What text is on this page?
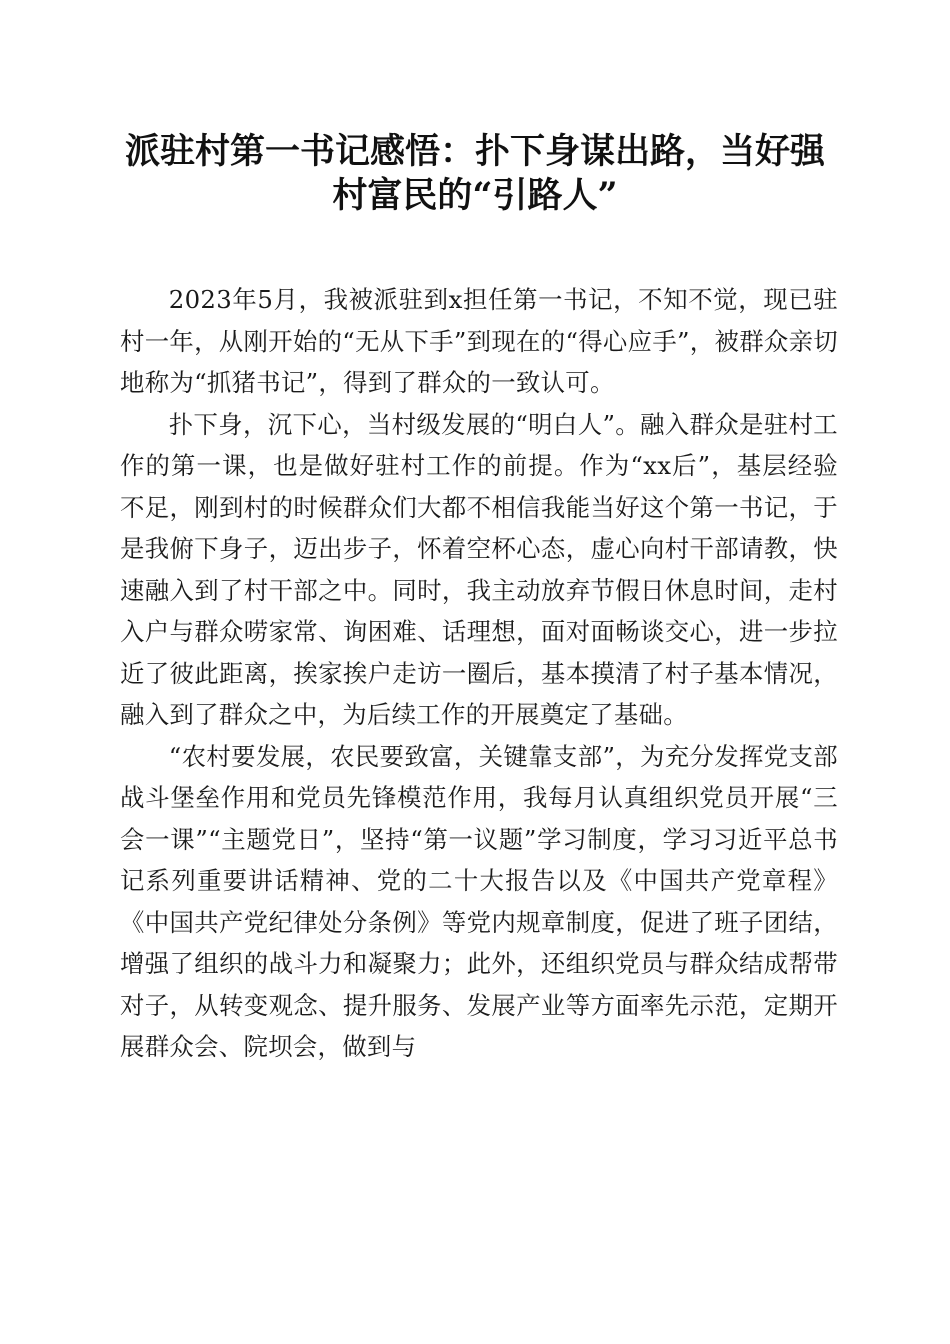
派驻村第一书记感悟：扑下身谋出路，当好强
村富民的“引路人”

2023年5月，我被派驻到x担任第一书记，不知不觉，现已驻村一年，从刚开始的“无从下手”到现在的“得心应手”，被群众亲切地称为“抓猪书记”，得到了群众的一致认可。

扑下身，沉下心，当村级发展的“明白人”。融入群众是驻村工作的第一课，也是做好驻村工作的前提。作为“xx后”，基层经验不足，刚到村的时候群众们大都不相信我能当好这个第一书记，于是我俯下身子，迈出步子，怀着空杯心态，虚心向村干部请教，快速融入到了村干部之中。同时，我主动放弃节假日休息时间，走村入户与群众唠家常、询困难、话理想，面对面畅谈交心，进一步拉近了彼此距离，挨家挨户走访一圈后，基本摸清了村子基本情况，融入到了群众之中，为后续工作的开展奠定了基础。

“农村要发展，农民要致富，关键靠支部”，为充分发挥党支部战斗堡垒作用和党员先锋模范作用，我每月认真组织党员开展“三会一课”“主题党日”，坚持“第一议题”学习制度，学习习近平总书记系列重要讲话精神、党的二十大报告以及《中国共产党章程》《中国共产党纪律处分条例》等党内规章制度，促进了班子团结，增强了组织的战斗力和凝聚力；此外，还组织党员与群众结成帮带对子，从转变观念、提升服务、发展产业等方面率先示范，定期开展群众会、院坝会，做到与
